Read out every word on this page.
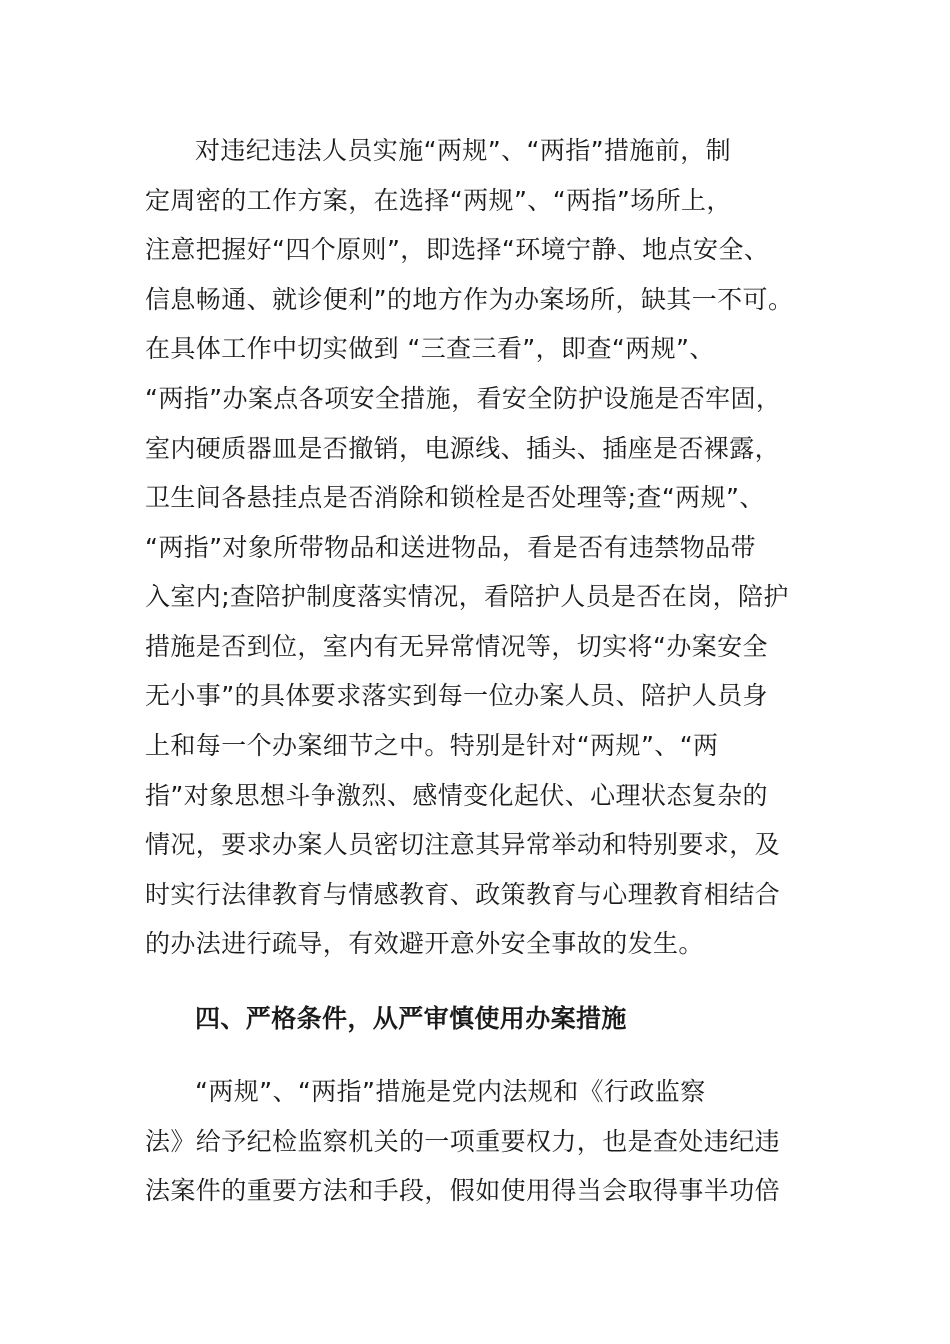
对违纪违法人员实施“两规”、“两指”措施前，制
定周密的工作方案，在选择“两规”、“两指”场所上，
注意把握好“四个原则”，即选择“环境宁静、地点安全、
信息畅通、就诊便利”的地方作为办案场所，缺其一不可。
在具体工作中切实做到 “三查三看”，即查“两规”、
“两指”办案点各项安全措施，看安全防护设施是否牢固，
室内硬质器皿是否撤销，电源线、插头、插座是否裸露，
卫生间各悬挂点是否消除和锁栓是否处理等;查“两规”、
“两指”对象所带物品和送进物品，看是否有违禁物品带
入室内;查陪护制度落实情况，看陪护人员是否在岗，陪护
措施是否到位，室内有无异常情况等，切实将“办案安全
无小事”的具体要求落实到每一位办案人员、陪护人员身
上和每一个办案细节之中。特别是针对“两规”、“两
指”对象思想斗争激烈、感情变化起伏、心理状态复杂的
情况，要求办案人员密切注意其异常举动和特别要求，及
时实行法律教育与情感教育、政策教育与心理教育相结合
的办法进行疏导，有效避开意外安全事故的发生。
四、严格条件，从严审慎使用办案措施
“两规”、“两指”措施是党内法规和《行政监察
法》给予纪检监察机关的一项重要权力，也是查处违纪违
法案件的重要方法和手段，假如使用得当会取得事半功倍
